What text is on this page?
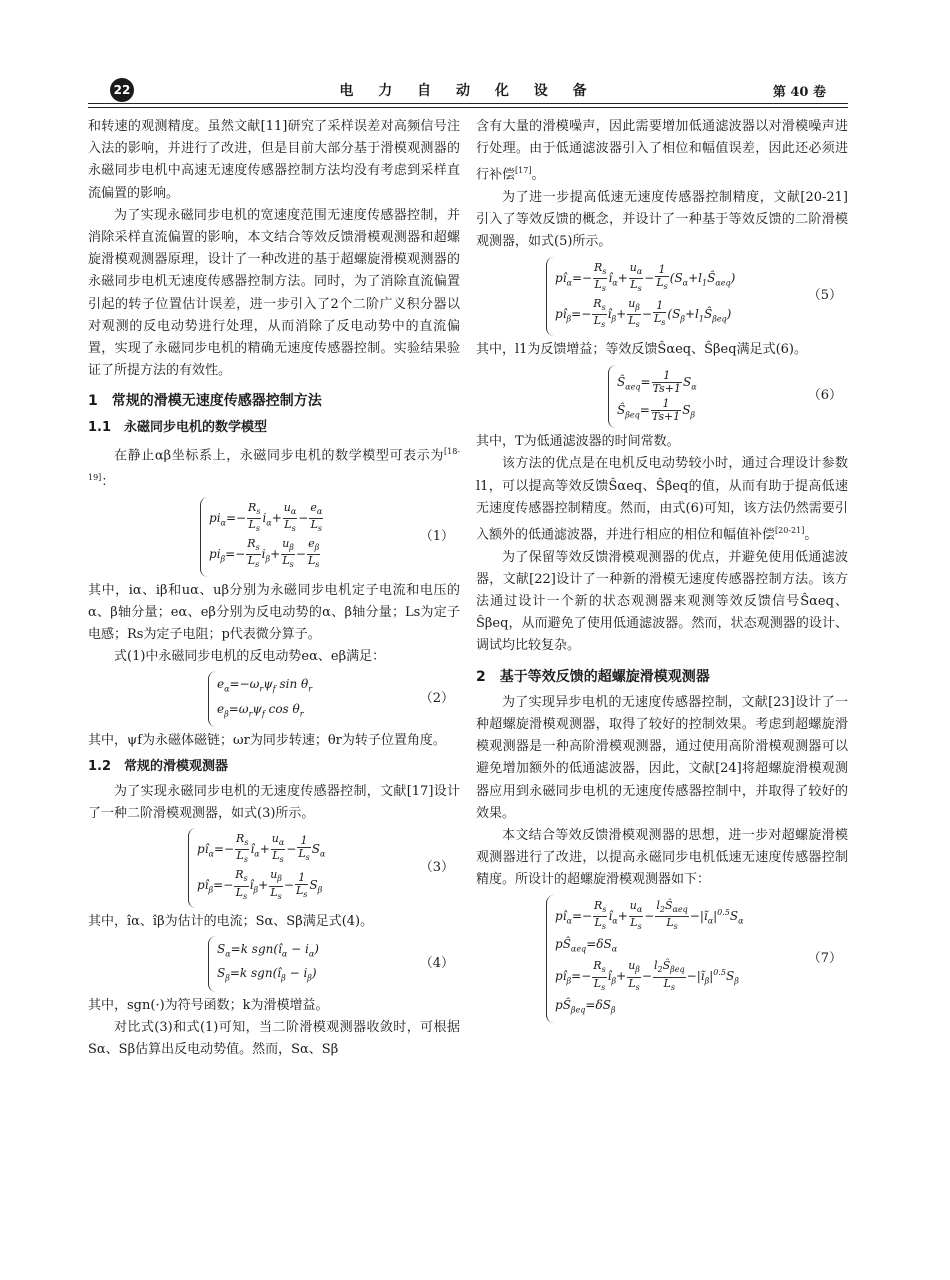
22	电 力 自 动 化 设 备	第 40 卷

和转速的观测精度。虽然文献[11]研究了采样误差对高频信号注入法的影响，并进行了改进，但是目前大部分基于滑模观测器的永磁同步电机中高速无速度传感器控制方法均没有考虑到采样直流偏置的影响。

为了实现永磁同步电机的宽速度范围无速度传感器控制，并消除采样直流偏置的影响，本文结合等效反馈滑模观测器和超螺旋滑模观测器原理，设计了一种改进的基于超螺旋滑模观测器的永磁同步电机无速度传感器控制方法。同时，为了消除直流偏置引起的转子位置估计误差，进一步引入了2个二阶广义积分器以对观测的反电动势进行处理，从而消除了反电动势中的直流偏置，实现了永磁同步电机的精确无速度传感器控制。实验结果验证了所提方法的有效性。

1　常规的滑模无速度传感器控制方法

1.1　永磁同步电机的数学模型

在静止αβ坐标系上，永磁同步电机的数学模型可表示为[18-19]：

$pi_\alpha=- \frac{R_s}{L_s} i_\alpha+ \frac{u_\alpha}{L_s} - \frac{e_\alpha}{L_s}$
$pi_\beta=- \frac{R_s}{L_s} i_\beta+ \frac{u_\beta}{L_s} - \frac{e_\beta}{L_s}$
（1）

其中，iα、iβ和uα、uβ分别为永磁同步电机定子电流和电压的α、β轴分量；eα、eβ分别为反电动势的α、β轴分量；Ls为定子电感；Rs为定子电阻；p代表微分算子。

式(1)中永磁同步电机的反电动势eα、eβ满足：

$e_\alpha=-\omega_r\psi_f$ $\sin \theta_r$
$e_\beta=\omega_r\psi_f$ $\cos \theta_r$
（2）

其中，ψf为永磁体磁链；ωr为同步转速；θr为转子位置角度。

1.2　常规的滑模观测器

为了实现永磁同步电机的无速度传感器控制，文献[17]设计了一种二阶滑模观测器，如式(3)所示。

$pî_\alpha=- \frac{R_s}{L_s}$ $î_\alpha+ \frac{u_\alpha}{L_s} - \frac{1}{L_s} S_\alpha$
$pî_\beta=- \frac{R_s}{L_s}$ $î_\beta+ \frac{u_\beta}{L_s} - \frac{1}{L_s} S_\beta$
（3）

其中，îα、îβ为估计的电流；Sα、Sβ满足式(4)。

$S_\alpha=k$ $sgn(î_\alpha - i_\alpha)$
$S_\beta=k$ $sgn(î_\beta - i_\beta)$
（4）

其中，sgn(·)为符号函数；k为滑模增益。

对比式(3)和式(1)可知，当二阶滑模观测器收敛时，可根据Sα、Sβ估算出反电动势值。然而，Sα、Sβ

含有大量的滑模噪声，因此需要增加低通滤波器以对滑模噪声进行处理。由于低通滤波器引入了相位和幅值误差，因此还必须进行补偿[17]。

为了进一步提高低速无速度传感器控制精度，文献[20-21]引入了等效反馈的概念，并设计了一种基于等效反馈的二阶滑模观测器，如式(5)所示。

$pî_\alpha=- \frac{R_s}{L_s}$ $î_\alpha+ \frac{u_\alpha}{L_s} - \frac{1}{L_s}$ $(S_\alpha+l_1Ŝ_{\alpha eq})$
$pî_\beta=- \frac{R_s}{L_s}$ $î_\beta+ \frac{u_\beta}{L_s} - \frac{1}{L_s}$ $(S_\beta+l_1Ŝ_{\beta eq})$
（5）

其中，l1为反馈增益；等效反馈Ŝαeq、Ŝβeq满足式(6)。

$Ŝ_{\alpha eq}= \frac{1}{Ts+1} S_\alpha$
$Ŝ_{\beta eq}= \frac{1}{Ts+1} S_\beta$
（6）

其中，T为低通滤波器的时间常数。

该方法的优点是在电机反电动势较小时，通过合理设计参数l1，可以提高等效反馈Ŝαeq、Ŝβeq的值，从而有助于提高低速无速度传感器控制精度。然而，由式(6)可知，该方法仍然需要引入额外的低通滤波器，并进行相应的相位和幅值补偿[20-21]。

为了保留等效反馈滑模观测器的优点，并避免使用低通滤波器，文献[22]设计了一种新的滑模无速度传感器控制方法。该方法通过设计一个新的状态观测器来观测等效反馈信号Ŝαeq、Ŝβeq，从而避免了使用低通滤波器。然而，状态观测器的设计、调试均比较复杂。

2　基于等效反馈的超螺旋滑模观测器

为了实现异步电机的无速度传感器控制，文献[23]设计了一种超螺旋滑模观测器，取得了较好的控制效果。考虑到超螺旋滑模观测器是一种高阶滑模观测器，通过使用高阶滑模观测器可以避免增加额外的低通滤波器，因此，文献[24]将超螺旋滑模观测器应用到永磁同步电机的无速度传感器控制中，并取得了较好的效果。

本文结合等效反馈滑模观测器的思想，进一步对超螺旋滑模观测器进行了改进，以提高永磁同步电机低速无速度传感器控制精度。所设计的超螺旋滑模观测器如下：

$pî_\alpha=- \frac{R_s}{L_s}$ $î_\alpha+ \frac{u_\alpha}{L_s} - \frac{l_2Ŝ_{\alpha eq}}{L_s}$ $-|ĩ_\alpha|^{0.5}S_\alpha$
$pŜ_{\alpha eq}=\delta S_\alpha$
$pî_\beta=- \frac{R_s}{L_s}$ $î_\beta+ \frac{u_\beta}{L_s} - \frac{l_2Ŝ_{\beta eq}}{L_s}$ $-|ĩ_\beta|^{0.5}S_\beta$
$pŜ_{\beta eq}=\delta S_\beta$
（7）
